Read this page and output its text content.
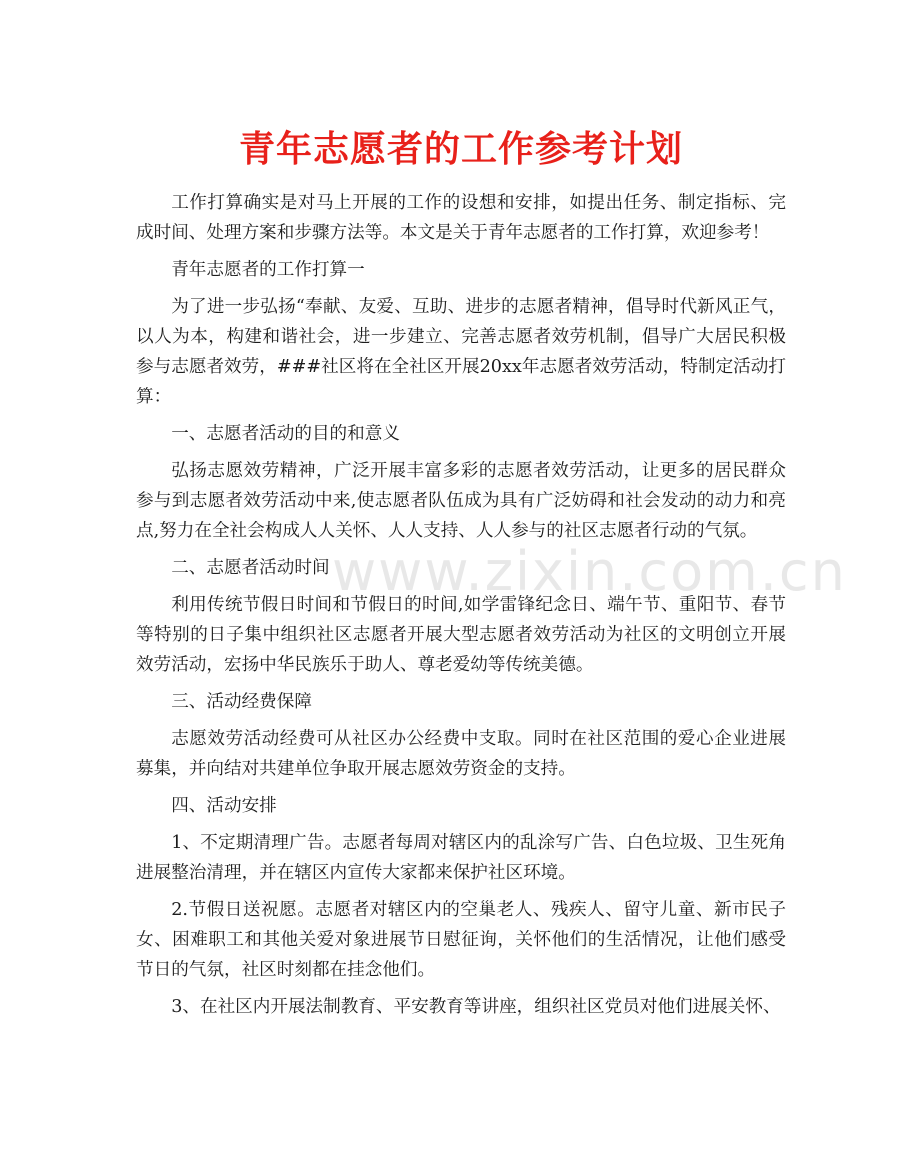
www.zixin.com.cn
青年志愿者的工作参考计划

工作打算确实是对马上开展的工作的设想和安排，如提出任务、制定指标、完成时间、处理方案和步骤方法等。本文是关于青年志愿者的工作打算，欢迎参考！

青年志愿者的工作打算一

为了进一步弘扬“奉献、友爱、互助、进步的志愿者精神，倡导时代新风正气，以人为本，构建和谐社会，进一步建立、完善志愿者效劳机制，倡导广大居民积极参与志愿者效劳，###社区将在全社区开展20xx年志愿者效劳活动，特制定活动打算：

一、志愿者活动的目的和意义

弘扬志愿效劳精神，广泛开展丰富多彩的志愿者效劳活动，让更多的居民群众参与到志愿者效劳活动中来,使志愿者队伍成为具有广泛妨碍和社会发动的动力和亮点,努力在全社会构成人人关怀、人人支持、人人参与的社区志愿者行动的气氛。

二、志愿者活动时间

利用传统节假日时间和节假日的时间,如学雷锋纪念日、端午节、重阳节、春节等特别的日子集中组织社区志愿者开展大型志愿者效劳活动为社区的文明创立开展效劳活动，宏扬中华民族乐于助人、尊老爱幼等传统美德。

三、活动经费保障

志愿效劳活动经费可从社区办公经费中支取。同时在社区范围的爱心企业进展募集，并向结对共建单位争取开展志愿效劳资金的支持。

四、活动安排

1、不定期清理广告。志愿者每周对辖区内的乱涂写广告、白色垃圾、卫生死角进展整治清理，并在辖区内宣传大家都来保护社区环境。

2.节假日送祝愿。志愿者对辖区内的空巢老人、残疾人、留守儿童、新市民子女、困难职工和其他关爱对象进展节日慰征询，关怀他们的生活情况，让他们感受节日的气氛，社区时刻都在挂念他们。

3、在社区内开展法制教育、平安教育等讲座，组织社区党员对他们进展关怀、
